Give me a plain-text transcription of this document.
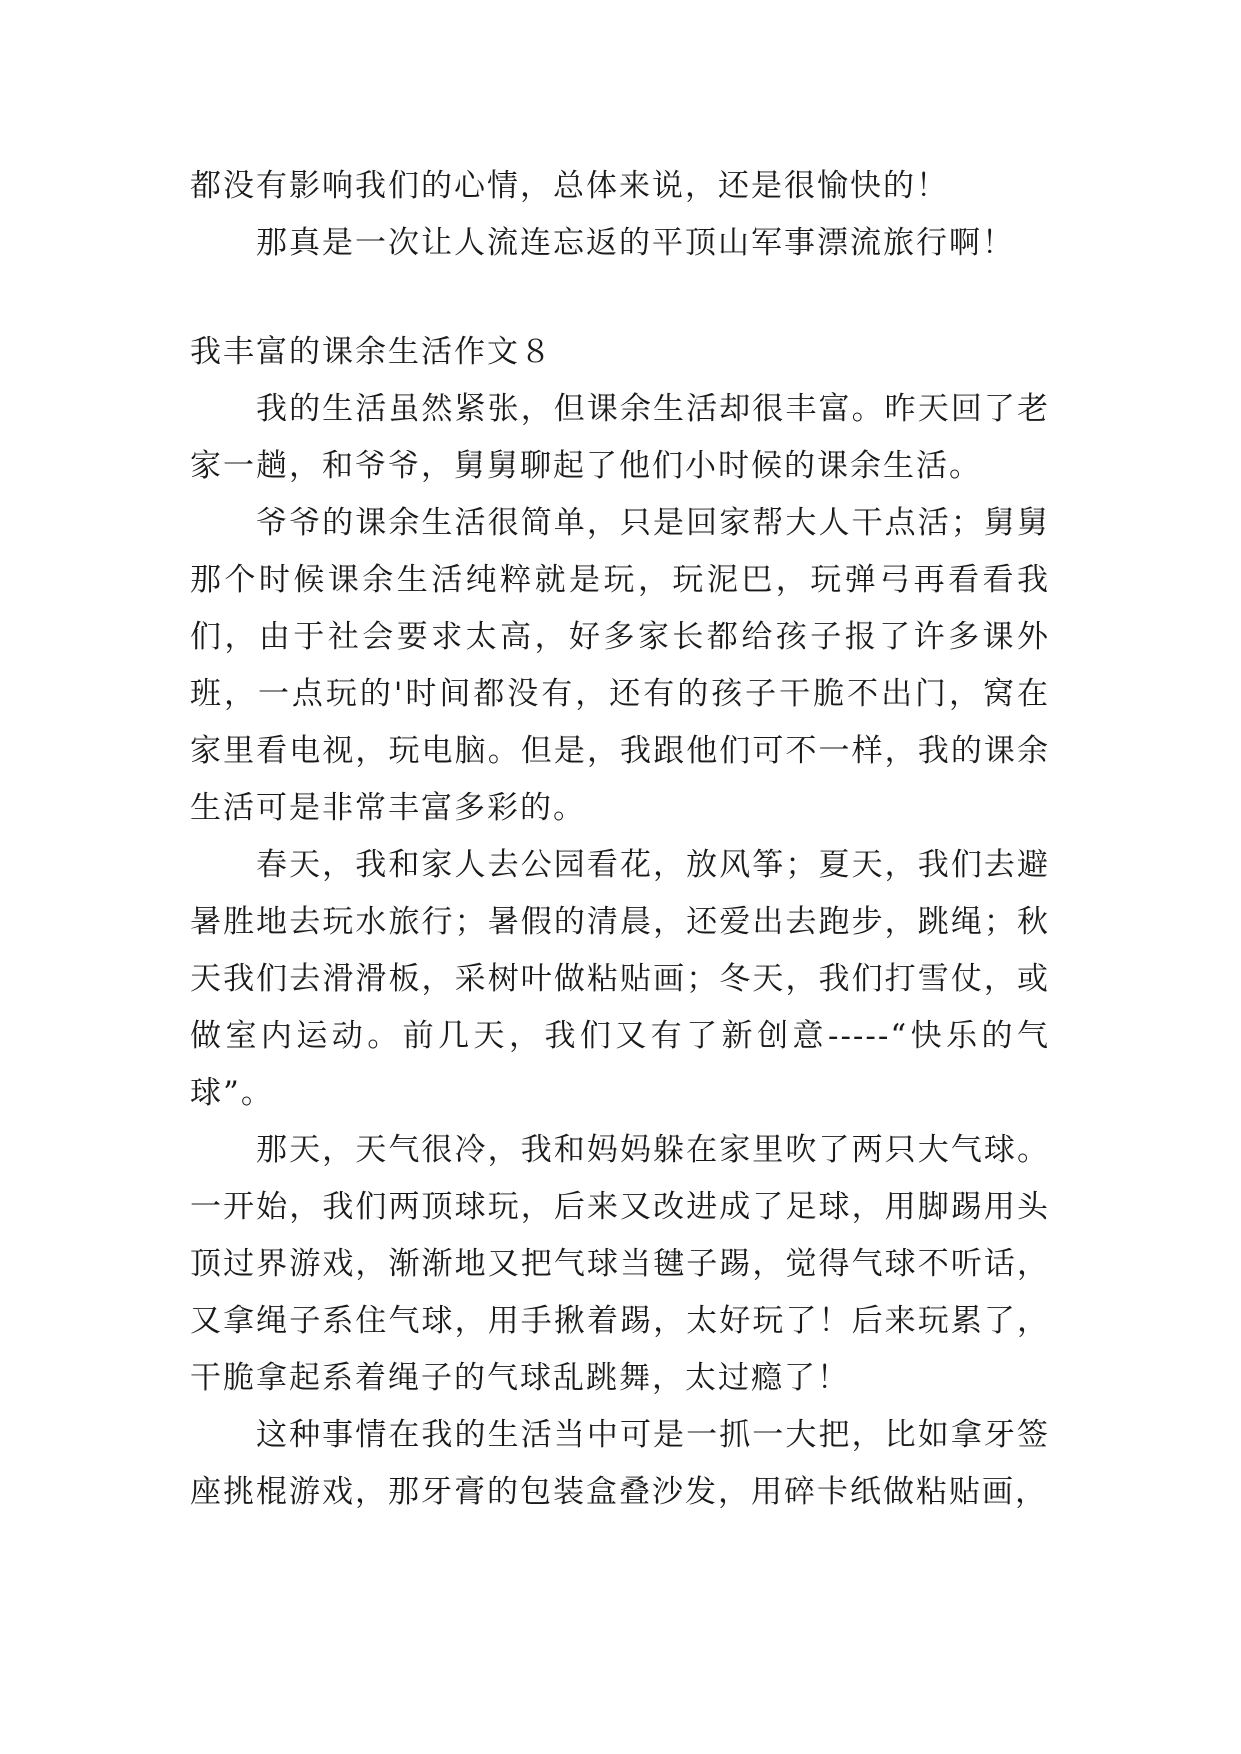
都没有影响我们的心情，总体来说，还是很愉快的！

那真是一次让人流连忘返的平顶山军事漂流旅行啊！

我丰富的课余生活作文８

我的生活虽然紧张，但课余生活却很丰富。昨天回了老家一趟，和爷爷，舅舅聊起了他们小时候的课余生活。

爷爷的课余生活很简单，只是回家帮大人干点活；舅舅那个时候课余生活纯粹就是玩，玩泥巴，玩弹弓再看看我们，由于社会要求太高，好多家长都给孩子报了许多课外班，一点玩的'时间都没有，还有的孩子干脆不出门，窝在家里看电视，玩电脑。但是，我跟他们可不一样，我的课余生活可是非常丰富多彩的。

春天，我和家人去公园看花，放风筝；夏天，我们去避暑胜地去玩水旅行；暑假的清晨，还爱出去跑步，跳绳；秋天我们去滑滑板，采树叶做粘贴画；冬天，我们打雪仗，或做室内运动。前几天，我们又有了新创意-----“快乐的气球”。

那天，天气很冷，我和妈妈躲在家里吹了两只大气球。一开始，我们两顶球玩，后来又改进成了足球，用脚踢用头顶过界游戏，渐渐地又把气球当毽子踢，觉得气球不听话，又拿绳子系住气球，用手揪着踢，太好玩了！后来玩累了，干脆拿起系着绳子的气球乱跳舞，太过瘾了！

这种事情在我的生活当中可是一抓一大把，比如拿牙签座挑棍游戏，那牙膏的包装盒叠沙发，用碎卡纸做粘贴画，
